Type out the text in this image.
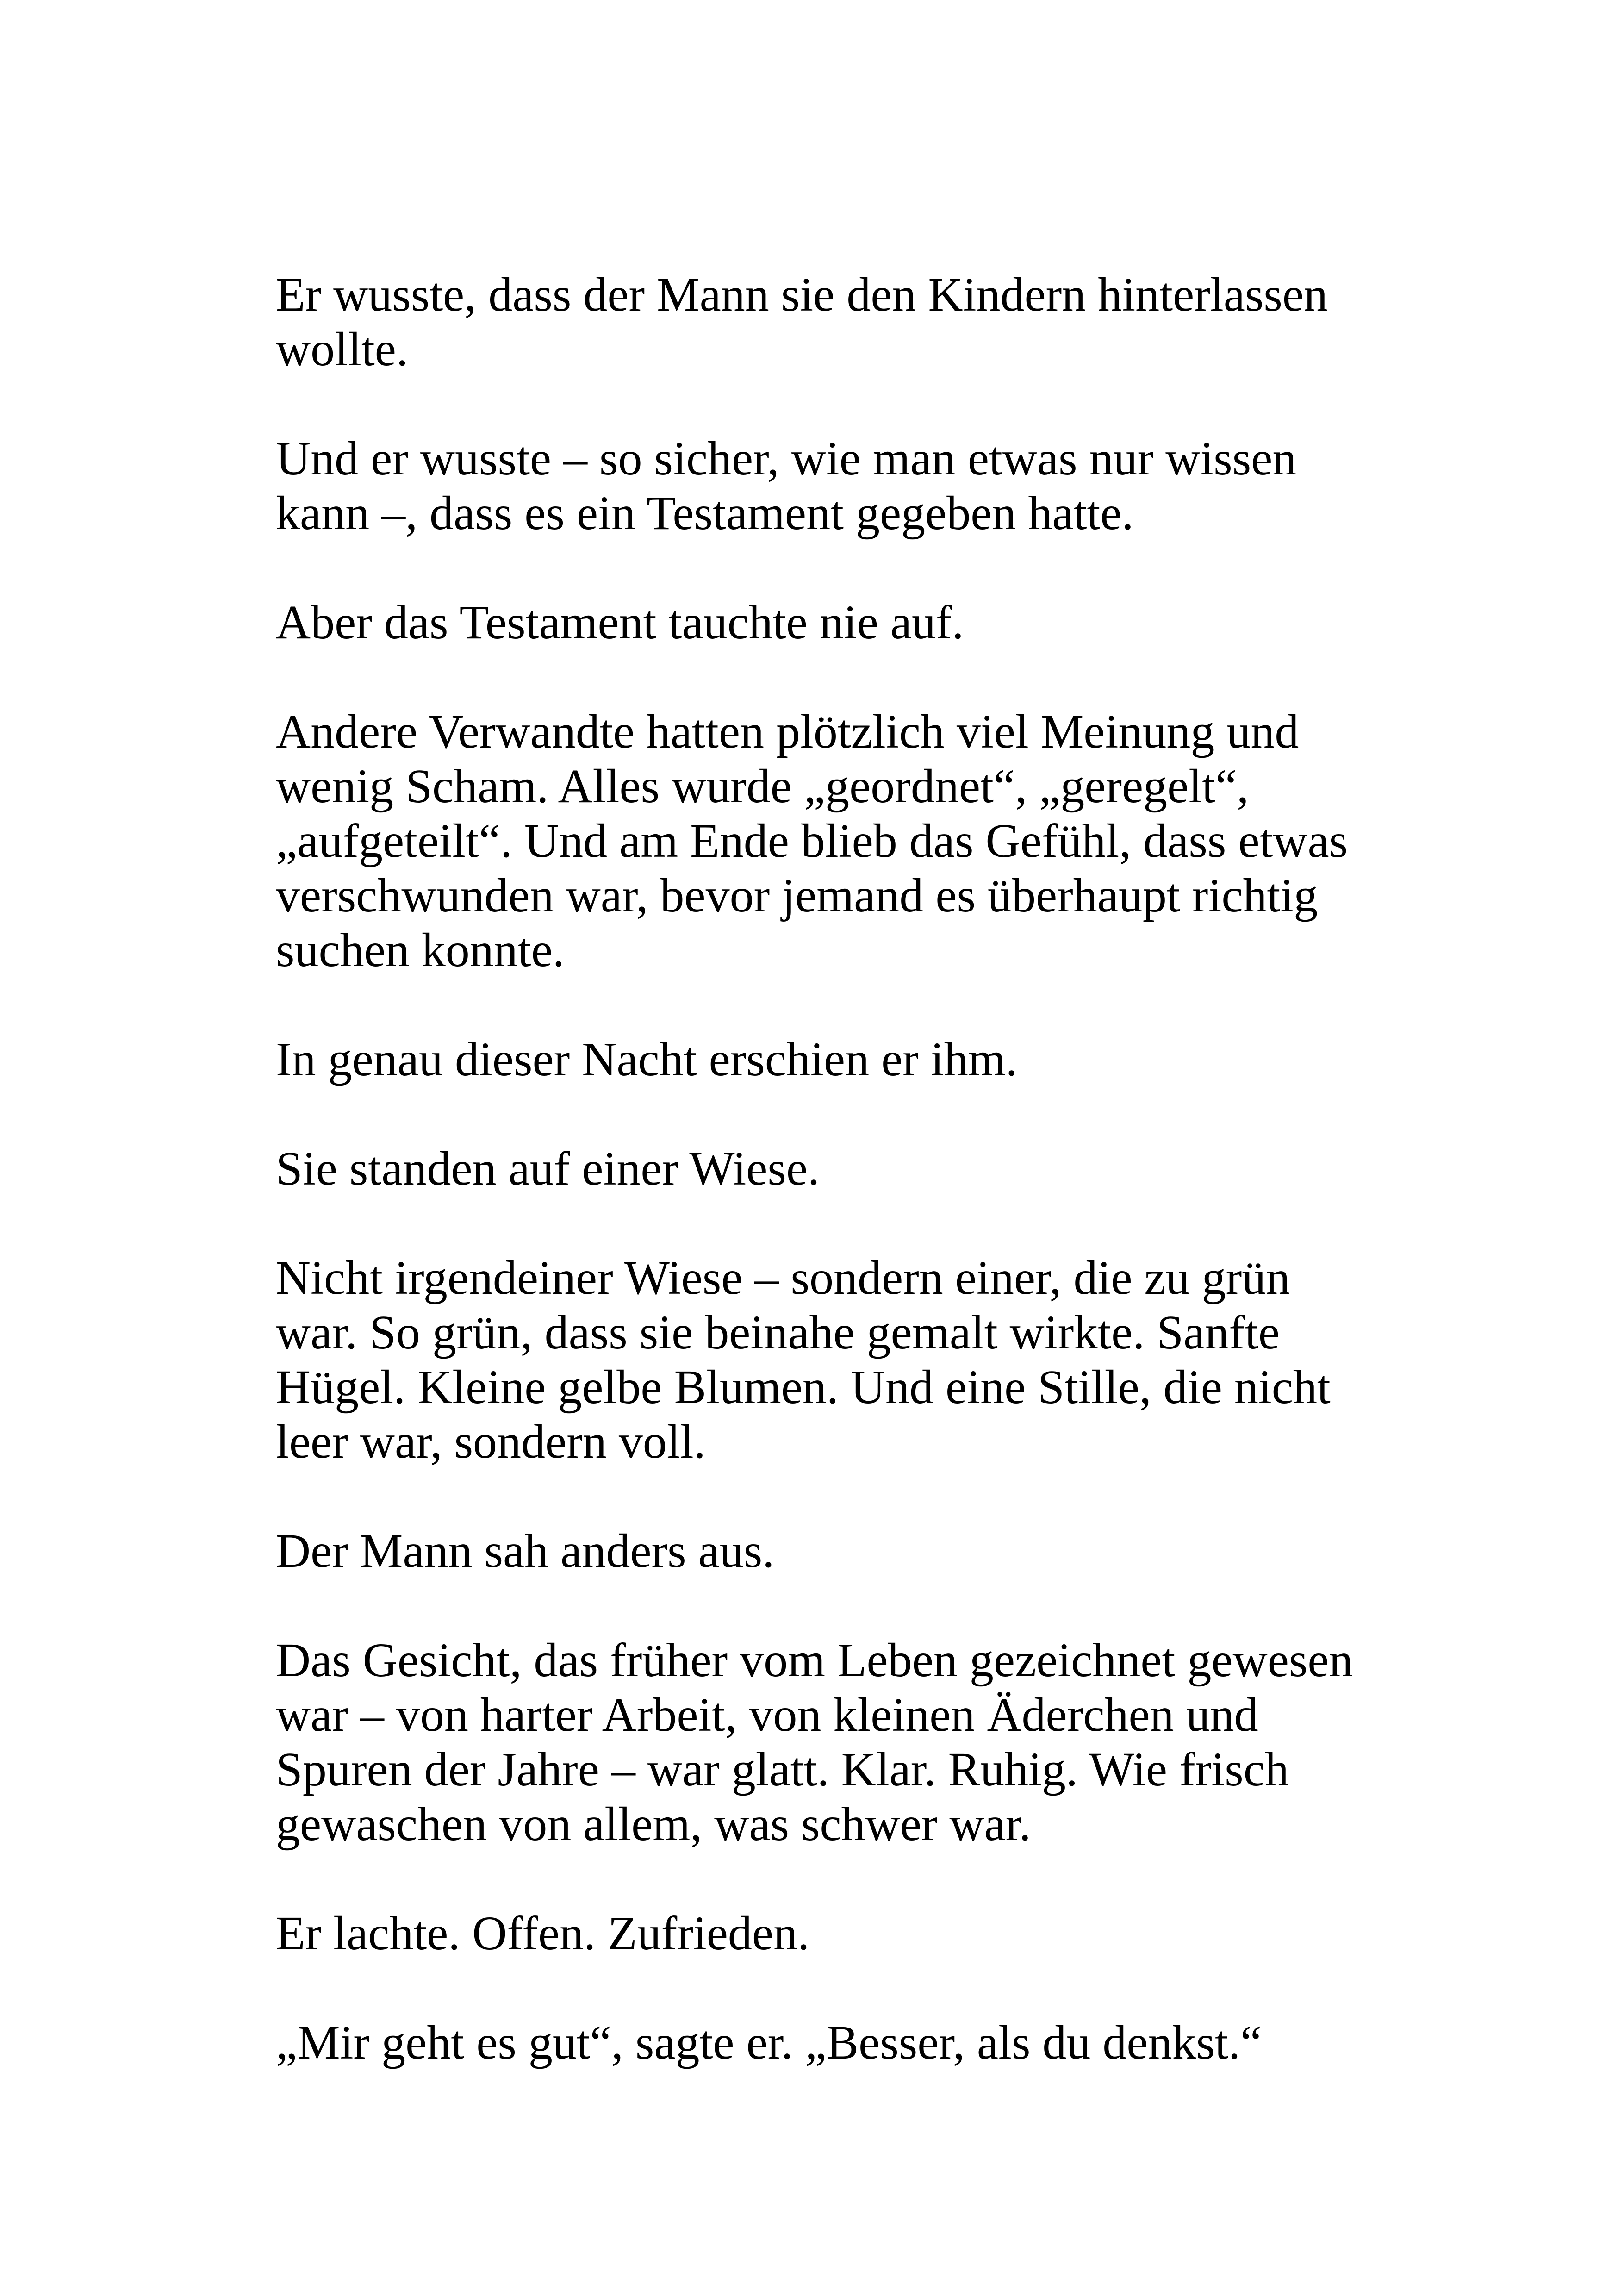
Er wusste, dass der Mann sie den Kindern hinterlassen
wollte.

Und er wusste – so sicher, wie man etwas nur wissen
kann –, dass es ein Testament gegeben hatte.

Aber das Testament tauchte nie auf.

Andere Verwandte hatten plötzlich viel Meinung und
wenig Scham. Alles wurde „geordnet“, „geregelt“,
„aufgeteilt“. Und am Ende blieb das Gefühl, dass etwas
verschwunden war, bevor jemand es überhaupt richtig
suchen konnte.

In genau dieser Nacht erschien er ihm.

Sie standen auf einer Wiese.

Nicht irgendeiner Wiese – sondern einer, die zu grün
war. So grün, dass sie beinahe gemalt wirkte. Sanfte
Hügel. Kleine gelbe Blumen. Und eine Stille, die nicht
leer war, sondern voll.

Der Mann sah anders aus.

Das Gesicht, das früher vom Leben gezeichnet gewesen
war – von harter Arbeit, von kleinen Äderchen und
Spuren der Jahre – war glatt. Klar. Ruhig. Wie frisch
gewaschen von allem, was schwer war.

Er lachte. Offen. Zufrieden.

„Mir geht es gut“, sagte er. „Besser, als du denkst.“
